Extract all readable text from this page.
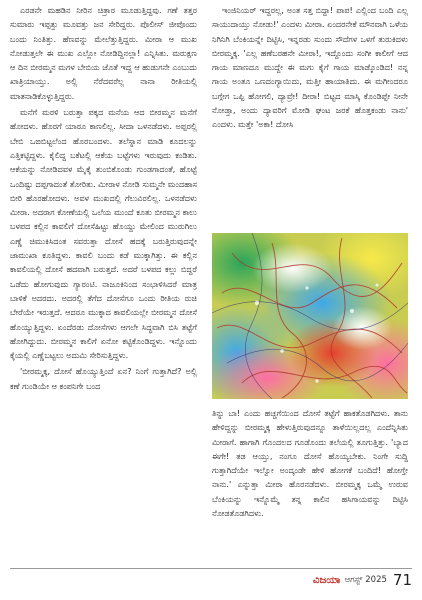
ಎರಡನೇ ಮಹಡಿನ ನೀರಿನ ಚಿತ್ರಾರ ಮೂಡುತ್ತಿದ್ದವು. ಗಣೆ ತತ್ತರ ಸುಮಾರು ಇಪ್ಪತ್ತು ಮೂವತ್ತು ಜನ ಸೇರಿದ್ದರು. ಪೊಲೀಸ್ ಜೀಪೊಂದು ಬಂದು ನಿಂತಿತ್ತು. ಹೆಣವನ್ನು ಮೇಲೆತ್ತುತ್ತಿದ್ದರು. ಮೀರಾ ಆ ಮುಖ ನೋಡುತ್ತಲೇ ಈ ಮುಖ ಎಲ್ಲೋ ನೋಡಿದ್ದಿನಲ್ಲಾ! ಎನ್ನಿಸಿತು. ಮರುಕ್ಷಣ ಆ ದಿನ ಬೀರಮ್ಮನ ಮಗಳ ಬೇಬಿಯ ಜೊತೆ ಇದ್ದ ಆ ಹುಡುಗನೇ ಎಂಬುದು ಖಾತ್ರಿಯಾಯ್ತು. ಅಲ್ಲಿ ನೆರೆದವರೆಲ್ಲ ನಾನಾ ರೀತಿಯಲ್ಲಿ ಮಾತನಾಡಿಕೊಳ್ಳುತ್ತಿದ್ದರು.

ಮನೆಗೆ ಮರಳಿ ಬರುತ್ತಾ ಪಕ್ಕದ ಮನೆಯ ಆದ ಬೀರಮ್ಮನ ಮನೆಗೆ ಹೋದಳು. ಹೊರಗೆ ಯಾರೂ ಕಾಣಲಿಲ್ಲ. ಸೀದಾ ಒಳನಡೆದಳು. ಅಪ್ಪರಲ್ಲಿ ಬೇಬಿ ಒಙಬಿಟ್ಟಲೆಂದ ಹೊರಬಂದಳು. ತಲೆಸ್ನಾನ ಮಾಡಿ ಕೂದಲನ್ನು ಎತ್ತಿಕಟ್ಟಿದ್ದಳು. ಕೈಲಿದ್ದ ಬಕೆಟಲ್ಲಿ ಆಕೆಯ ಬಟ್ಟೆಗಳು ಇರುವುದು ಕಂಡಿತು. ಆಕೆಯನ್ನು ನೋಡಿದವಳ ಮೈಕೈ ತುಂಬಿಕೊಂಡು ಗುಂಡಗಾದಂತೆ, ಹೊಟ್ಟೆ ಒಂದಿಷ್ಟು ದಪ್ಪಗಾದಂತೆ ತೋರಿತು. ಮೀರಾಳ ನೋಡಿ ಸುಮ್ಮನೇ ಮಂದಹಾಸ ಬೀರಿ ಹೊರಹೋದಳು. ಅವಳ ಮುಖದಲ್ಲಿ ಗೆಲುವಿರಲಿಲ್ಲ. ಒಳನಡೆದಳು ಮೀರಾ. ಅದರಾಗ ಕೋಣೆಯಲ್ಲಿ ಒಲೆಯ ಮುಂದೆ ಕೂತು ಬೀರಮ್ಮನ ಕಾಲು ಬಳಪದ ಕಲ್ಲಿನ ಕಾವಲಿಗೆ ದೋಸೆಹಿಟ್ಟು ಹೊಯ್ದು ಮೇಲಿಂದ ಮುರುಗಿಲು ಎಣ್ಣೆ ಚಿಮುಕಿಸಿದಂತ ಸವರುತ್ತಾ ದೋಸೆ ಹದಕ್ಕೆ ಬರುತ್ತಿರುವುದನ್ನೇ ಜಾಮುಖಾ ಕೂತಿದ್ದಳು. ಕಾವಲಿ ಬಂದು ಕಡೆ ಮುಕ್ಕಾಗಿತ್ತು. ಈ ಕಲ್ಲಿನ ಕಾವಲಿಯಲ್ಲಿ ದೋಸೆ ಹದವಾಗಿ ಬರುತ್ತದೆ. ಅದರೆ ಬಳಪದ ಕಲ್ಲು ಬಿದ್ದರೆ ಒಡೆದು ಹೋಗುವುದು ಗ್ಯಾರಂಟಿ. ನಾಜೂಕಿನಿಂದ ಸಂಭಾಳಿಸಿದರೆ ಮಾತ್ರ ಬಾಳಿಕೆ ಅದರದು. ಅದರಲ್ಲಿ ತೆಗೆದ ದೋಸೆಗೂ ಒಂದು ರೀತಿಯ ರುಚಿ ಬೇರೆಯೇ ಇರುತ್ತದೆ. ಆದರೂ ಮುಕ್ಕಾದ ಕಾವಲಿಯಲ್ಲೇ ಬೀರಮ್ಮನ ದೋಸೆ ಹೊಯ್ಯುತ್ತಿದ್ದಳು. ಏಂದೆರಡು ದೋಸೆಗಳು ಆಗಲೇ ಸಿದ್ಧವಾಗಿ ಬಿಸಿ ತಟ್ಟೆಗೆ ಹೋಗಿದ್ದುದು. ಬೀರಮ್ಮನ ಕಾಲಿಗೆ ಏನೋ ಕಟ್ಟಿಕೊಂಡಿದ್ದಳು. ಇನ್ನೊಂದು ಕೈಯಲ್ಲಿ ಎಣ್ಣೆಬಟ್ಟಲು ಅದುಮಿ ಸೇರಿಸುತ್ತಿದ್ದಳು.

'ಬೀರಮ್ಮಕ್ಕ, ದೋಸೆ ಹೊಯ್ಯುತ್ತಿಂದೆ ಏನ? ನಿಂಗೆ ಗುತ್ತಾಗಿದೆ? ಅಲ್ಲಿ ಕಣೆ ಗುಂಡಿಯೇ ಆ ಕಂಪನಿಗೇ ಬಂದ

ಇಂಜಿನಿಯರ್ ಇದ್ದರಲ್ಲ, ಅಂತ ಸತ್ತ ಬಿದ್ದಾ! ಪಾಪ! ಎಲ್ಲಿಂದ ಬಂದಿ ಎಲ್ಲ ಸಾಯುದಾಯ್ತು ನೋಡು!' ಎಂದಳು ಮೀರಾ. ಏಂದರನೇಕೆ ಮೌನವಾಗಿ ಒಳೆಯ ನಿಗಿನಿಗಿ ಬೆಂಕಿಯನ್ನೇ ದಿಟ್ಟಿಸಿ, ಇನ್ನರಡು ಸುಂದು ಸೌದೆಗಳ ಒಳಗೆ ತುರುಕಿದಳು ಬೀರಮ್ಮಕ್ಕ. 'ಎಲ್ಲ ಹಣೆಬರಹನೇ ಮೀರಾ!, ಇದ್ದೊಂದು ಸಂಗೀ ಕಾಲೀಗೆ ಆದ ಗಾಯ ಮಾಣದೂ ಮುದ್ದೇ ಈ ಮಗು ಕೈಗೆ ಗಾಯ ಮಾಡ್ಕೊಂಡಿದ! ನನ್ನ ಗಾಯ ಅಂತೂ ಒಣದಂಗ್ಯಾಯಿದು, ಮತ್ತೀ ಹಾಯಾತಿದು. ಈ ಮಗೀಂದರೂ ಬಗ್ಗೇಗ ಒಪ್ಪಿ ಹೋಗಲಿ, ದ್ಯಾವ್ರೇ! ದೀರಾ! ಬಿಟ್ಟದ ಮಾಸ್ಕಿ ಕೊಂಡಿಪ್ಪೇ ನೀನೇ ನೋಡ್ತಾ, ಅಂದು ದ್ಯಾವರಿಗೆ ಮೋಡಿ ಘಂಟ ಜರಕೆ ಹೊತ್ತಕಂಡು ನಾನು' ಎಂದಳು. ಮತ್ತೇ 'ಅಕಾ! ದೋಸಿ

ತಿನ್ನು ಬಾ! ಎಂದು ಹಚ್ಚಗೆಯಿಂದ ದೋಸೆ ತಟ್ಟೆಗೆ ಹಾಕತೊಡಗಿದಳು. ತಾನು ಹೇಳಿದ್ದನ್ನು ಬೀರಮ್ಮಕ್ಕ ಹೇಳುತ್ತಿರುವುದನ್ನೂ ತಾಳೆಯಿಲ್ಲದಲ್ಲ ಎಂದೆನ್ನಿಸಿತು ಮೀರಾಗೆ. ಹಾಗಾಗಿ ಗೊಂದಲದ ಗೂಡೊಂದು ತಲೆಯಲ್ಲಿ ತೂಗುತ್ತಿತ್ತು. 'ಬ್ಯಾದ ಈಗೇ! ತಡ ಆಯ್ತು, ನಂಗೂ ದೋಸೆ ಹೊಯ್ಯಬೇಕು. ನಿಂಗೇ ಸುದ್ದಿ ಗುತ್ತಾಗಿದೆಯೇ ಇಲ್ವೋ ಅಂದ್ಕಂಡೇ ಹೇಳಿ ಹೋಗಕೆ ಬಂದಿದೆ! ಹೋಗ್ತೇ ನಾನು.' ಎನ್ನುತ್ತಾ ಮೀರಾ ಹೊರನಡೆದಳು. ಬೀರಮ್ಮಕ್ಕ ಒಮ್ಮೆ ಉರುವ ಬೆಂಕಿಯನ್ನು ಇನ್ನೊಮ್ಮೆ ತನ್ನ ಕಾಲಿನ ಹಸಿಗಾಯವನ್ನು ದಿಟ್ಟಿಸಿ ನೋಡತೊಡಗಿದಳು.

ವಿಜಯಾ ಆಗಸ್ಟ್ 2025 71
